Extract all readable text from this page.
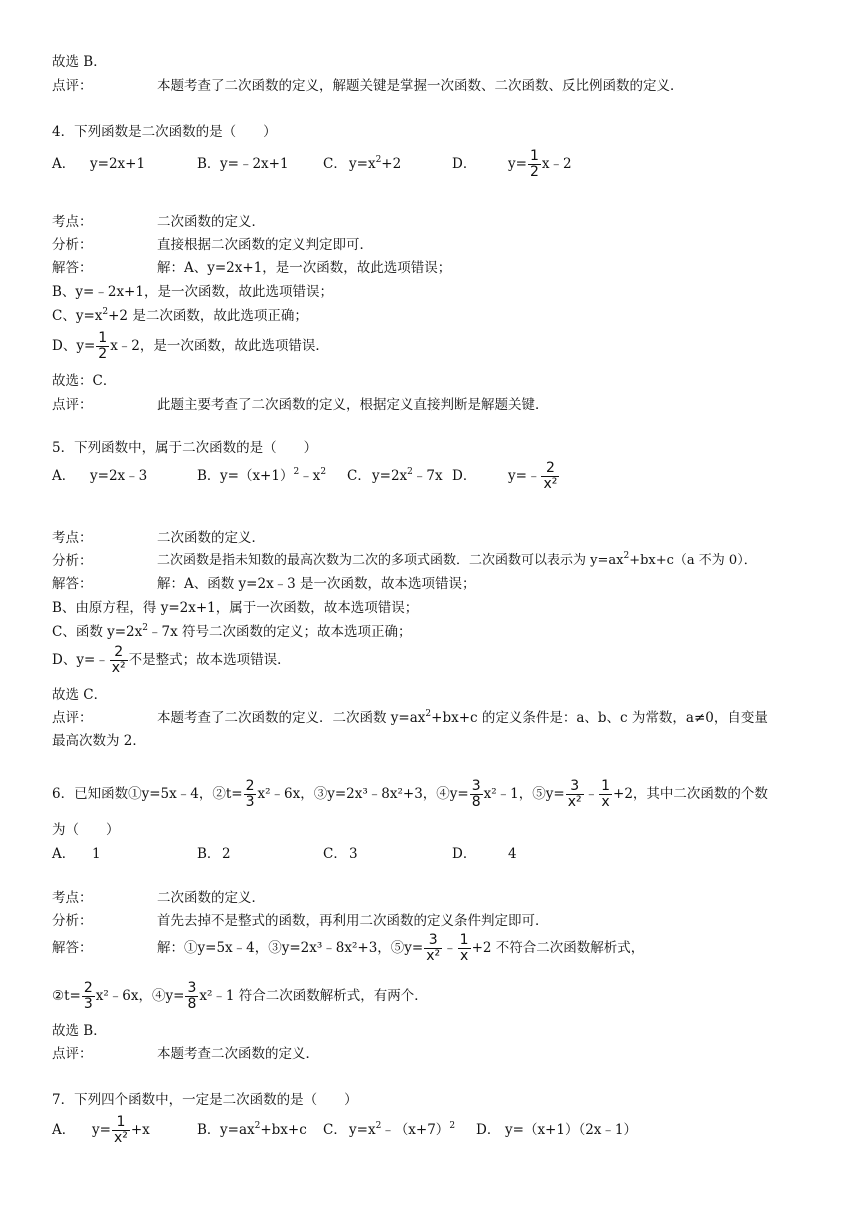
故选 B．
点评：	本题考查了二次函数的定义，解题关键是掌握一次函数、二次函数、反比例函数的定义．
4．下列函数是二次函数的是（　　）
A． y=2x+1	B． y=﹣2x+1	C． $y=x^2+2$	D． $y= \frac{1}{2}$ x﹣2
考点：	二次函数的定义．
分析：	直接根据二次函数的定义判定即可．
解答：	解：A、y=2x+1，是一次函数，故此选项错误；
B、y=﹣2x+1，是一次函数，故此选项错误；
C、$y=x^2+2$ 是二次函数，故此选项正确；
D、$y= \frac{1}{2}$ x﹣2，是一次函数，故此选项错误．
故选：C．
点评：	此题主要考查了二次函数的定义，根据定义直接判断是解题关键．
5．下列函数中，属于二次函数的是（　　）
A． y=2x﹣3	B． $y=(x+1)^2﹣x^2$ C． $y=2x^2﹣7x$ D． y=﹣ $\frac{2}{\text{x²}}$
考点：	二次函数的定义．
分析：	二次函数是指未知数的最高次数为二次的多项式函数．二次函数可以表示为 $y=ax^2+bx+c(a$ 不为 0）．
解答：	解：A、函数 y=2x﹣3 是一次函数，故本选项错误；
B、由原方程，得 y=2x+1，属于一次函数，故本选项错误；
C、函数 $y=2x^2﹣7x$ 符号二次函数的定义；故本选项正确；
D、y=﹣ $\frac{2}{\text{x²}}$ 不是整式；故本选项错误．
故选 C．
点评：	本题考查了二次函数的定义．二次函数 $y=ax^2+bx+c$ 的定义条件是：a、b、c 为常数，a≠0，自变量
最高次数为 2．
6．已知函数①y=5x﹣4，②t= $\frac{2}{3}$ x²﹣6x，③y=2x³﹣8x²+3，④y= $\frac{3}{8}$ x²﹣1，⑤y= $\frac{3}{\text{x²}}$ ﹣ $\frac{1}{x} +2$，其中二次函数的个数
为（　　）
A． 1	B． 2	C． 3	D． 4
考点：	二次函数的定义．
分析：	首先去掉不是整式的函数，再利用二次函数的定义条件判定即可．
解答：	解：①y=5x﹣4，③y=2x³﹣8x²+3，⑤y= $\frac{3}{\text{x²}}$ ﹣ $\frac{1}{x} +2$ 不符合二次函数解析式，
②t= $\frac{2}{3}$ x²﹣6x，④y= $\frac{3}{8}$ x²﹣1 符合二次函数解析式，有两个．
故选 B．
点评：	本题考查二次函数的定义．
7．下列四个函数中，一定是二次函数的是（　　）
A． $y= \frac{1}{\text{x²}} +x$	B． $y=ax^2+bx+c$ C． $y=x^2﹣(x+7)^2$ D． y=（x+1）（2x﹣1）
